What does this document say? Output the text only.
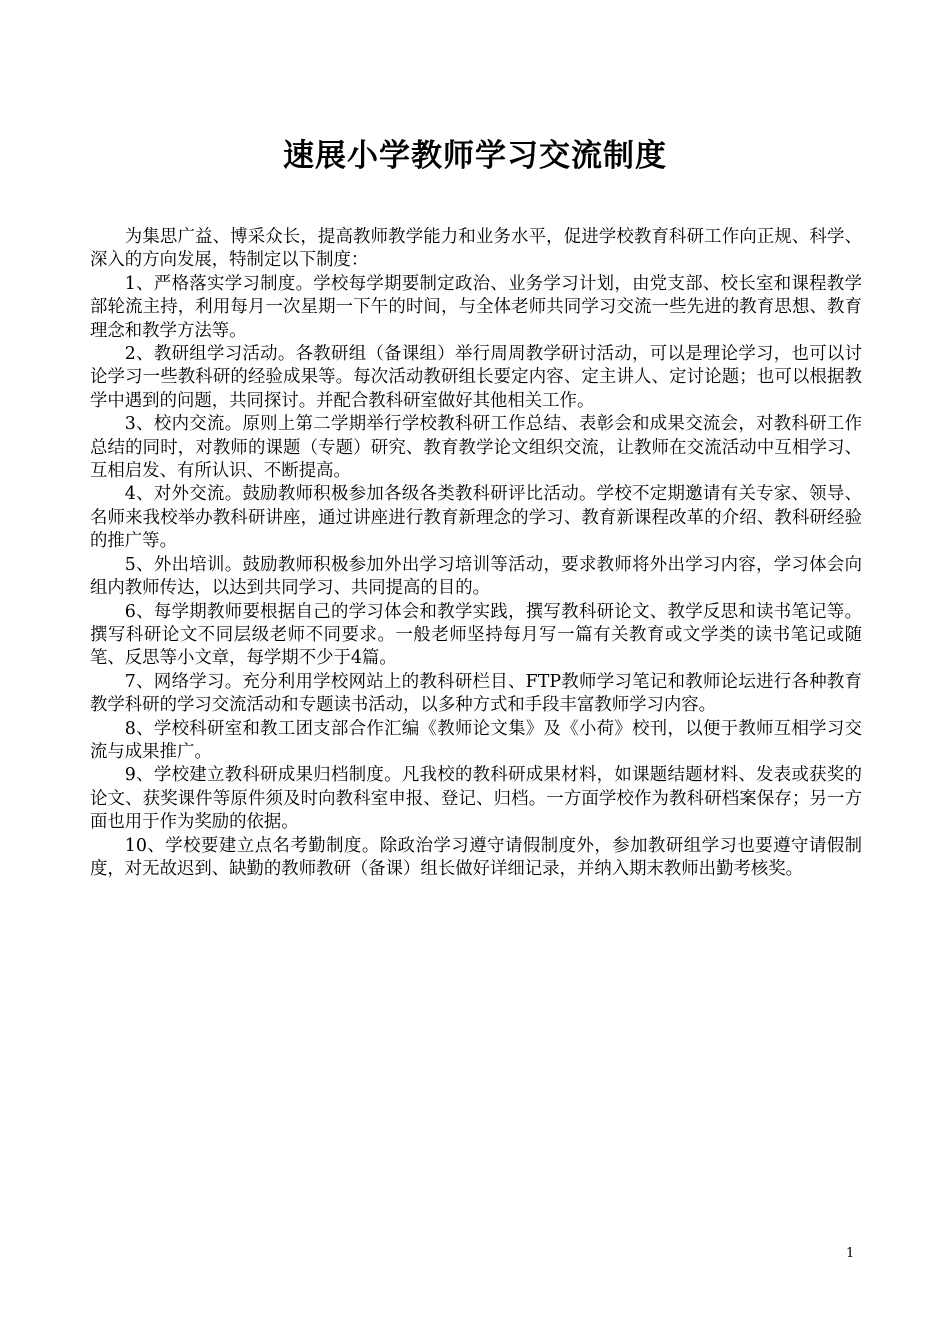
速展小学教师学习交流制度

为集思广益、博采众长，提高教师教学能力和业务水平，促进学校教育科研工作向正规、科学、深入的方向发展，特制定以下制度：

1、严格落实学习制度。学校每学期要制定政治、业务学习计划，由党支部、校长室和课程教学部轮流主持，利用每月一次星期一下午的时间，与全体老师共同学习交流一些先进的教育思想、教育理念和教学方法等。

2、教研组学习活动。各教研组（备课组）举行周周教学研讨活动，可以是理论学习，也可以讨论学习一些教科研的经验成果等。每次活动教研组长要定内容、定主讲人、定讨论题；也可以根据教学中遇到的问题，共同探讨。并配合教科研室做好其他相关工作。

3、校内交流。原则上第二学期举行学校教科研工作总结、表彰会和成果交流会，对教科研工作总结的同时，对教师的课题（专题）研究、教育教学论文组织交流，让教师在交流活动中互相学习、互相启发、有所认识、不断提高。

4、对外交流。鼓励教师积极参加各级各类教科研评比活动。学校不定期邀请有关专家、领导、名师来我校举办教科研讲座，通过讲座进行教育新理念的学习、教育新课程改革的介绍、教科研经验的推广等。

5、外出培训。鼓励教师积极参加外出学习培训等活动，要求教师将外出学习内容，学习体会向组内教师传达，以达到共同学习、共同提高的目的。

6、每学期教师要根据自己的学习体会和教学实践，撰写教科研论文、教学反思和读书笔记等。撰写科研论文不同层级老师不同要求。一般老师坚持每月写一篇有关教育或文学类的读书笔记或随笔、反思等小文章，每学期不少于4篇。

7、网络学习。充分利用学校网站上的教科研栏目、FTP教师学习笔记和教师论坛进行各种教育教学科研的学习交流活动和专题读书活动，以多种方式和手段丰富教师学习内容。

8、学校科研室和教工团支部合作汇编《教师论文集》及《小荷》校刊，以便于教师互相学习交流与成果推广。

9、学校建立教科研成果归档制度。凡我校的教科研成果材料，如课题结题材料、发表或获奖的论文、获奖课件等原件须及时向教科室申报、登记、归档。一方面学校作为教科研档案保存；另一方面也用于作为奖励的依据。

10、学校要建立点名考勤制度。除政治学习遵守请假制度外，参加教研组学习也要遵守请假制度，对无故迟到、缺勤的教师教研（备课）组长做好详细记录，并纳入期末教师出勤考核奖。

1
